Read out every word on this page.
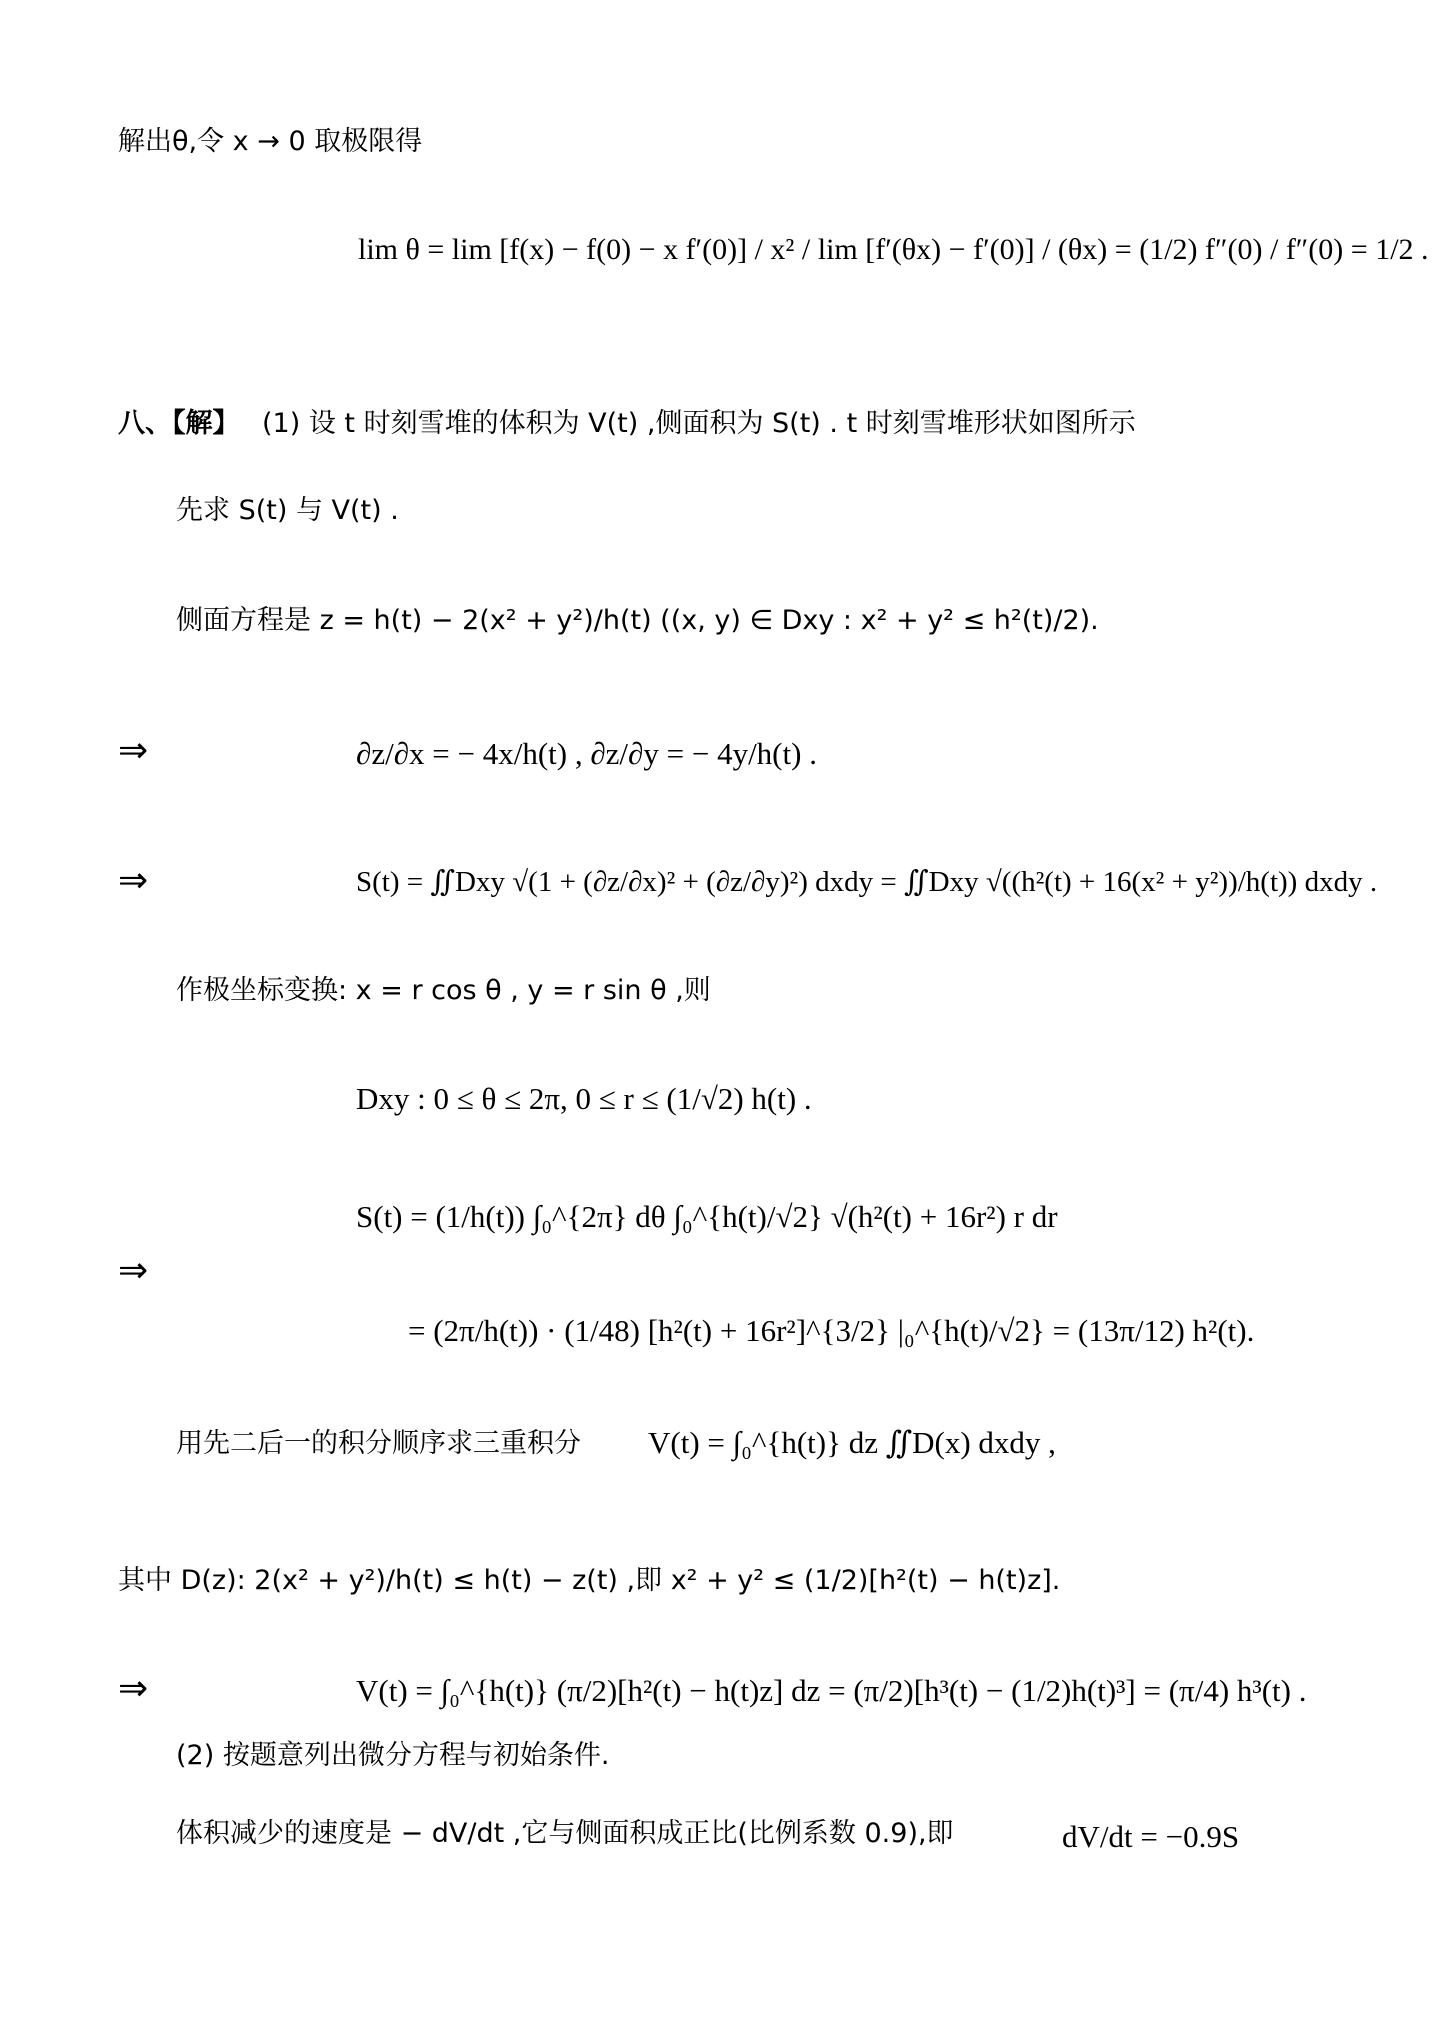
解出θ,令 x → 0 取极限得
lim θ = lim [f(x) − f(0) − x f′(0)] / x² / lim [f′(θx) − f′(0)] / (θx) = (1/2) f″(0) / f″(0) = 1/2 .
八、【解】 (1) 设 t 时刻雪堆的体积为 V(t) ,侧面积为 S(t) . t 时刻雪堆形状如图所示
先求 S(t) 与 V(t) .
侧面方程是 z = h(t) − 2(x² + y²)/h(t) ((x, y) ∈ Dxy : x² + y² ≤ h²(t)/2).
⇒	∂z/∂x = − 4x/h(t) , ∂z/∂y = − 4y/h(t) .
⇒	S(t) = ∬Dxy √(1 + (∂z/∂x)² + (∂z/∂y)²) dxdy = ∬Dxy √((h²(t) + 16(x² + y²))/h(t)) dxdy .
作极坐标变换: x = r cos θ , y = r sin θ ,则
Dxy : 0 ≤ θ ≤ 2π, 0 ≤ r ≤ (1/√2) h(t) .
S(t) = (1/h(t)) ∫₀^{2π} dθ ∫₀^{h(t)/√2} √(h²(t) + 16r²) r dr
⇒
= (2π/h(t)) · (1/48) [h²(t) + 16r²]^{3/2} |₀^{h(t)/√2} = (13π/12) h²(t).
用先二后一的积分顺序求三重积分 V(t) = ∫₀^{h(t)} dz ∬D(x) dxdy ,
其中 D(z): 2(x² + y²)/h(t) ≤ h(t) − z(t) ,即 x² + y² ≤ (1/2)[h²(t) − h(t)z].
⇒	V(t) = ∫₀^{h(t)} (π/2)[h²(t) − h(t)z] dz = (π/2)[h³(t) − (1/2)h(t)³] = (π/4) h³(t) .
(2) 按题意列出微分方程与初始条件.
体积减少的速度是 − dV/dt ,它与侧面积成正比(比例系数 0.9),即	dV/dt = −0.9S
